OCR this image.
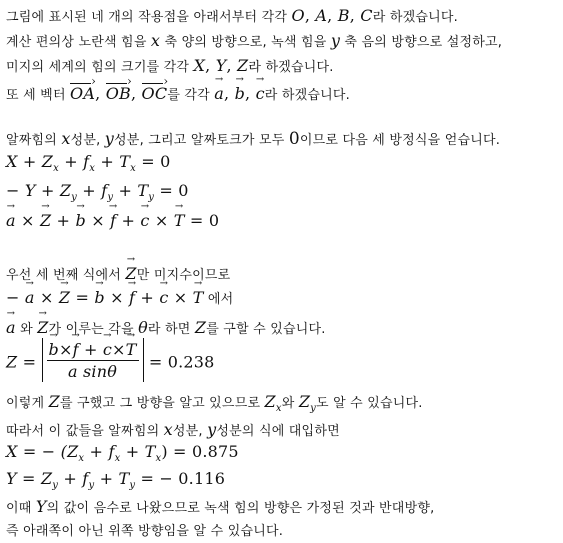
그림에 표시된 네 개의 작용점을 아래서부터 각각 O, A, B, C라 하겠습니다.
계산 편의상 노란색 힘을 x 축 양의 방향으로, 녹색 힘을 y 축 음의 방향으로 설정하고,
미지의 세계의 힘의 크기를 각각 X, Y, Z라 하겠습니다.
또 세 벡터 OA ›, OB ›, OC ›를 각각 → a, → b, → c라 하겠습니다.
알짜힘의 x성분, y성분, 그리고 알짜토크가 모두 0이므로 다음 세 방정식을 얻습니다.
$X + Z_x + f_x + T_x = 0$
− $Y + Z_y + f_y + T_y = 0$
→ a × → Z + → b × → f + → c × → T = 0
우선 세 번째 식에서 → Z만 미지수이므로
− → a × → Z = → b × → f + → c × → T 에서
→ a 와 → Z가 이루는 각을 θ라 하면 Z를 구할 수 있습니다.
Z =
→ $\frac{b\times\to f + \to c\times\to T}{\text{a sinθ}} = 0.238$
이렇게 Z를 구했고 그 방향을 알고 있으므로 $Z_x$와 $Z_y$도 알 수 있습니다.
따라서 이 값들을 알짜힘의 x성분, y성분의 식에 대입하면
X = − $(Z_x + f_x + T_x) = 0.875$
$Y = Z_y + f_y + T_y$ = − 0.116
이때 Y의 값이 음수로 나왔으므로 녹색 힘의 방향은 가정된 것과 반대방향,
즉 아래쪽이 아닌 위쪽 방향임을 알 수 있습니다.
